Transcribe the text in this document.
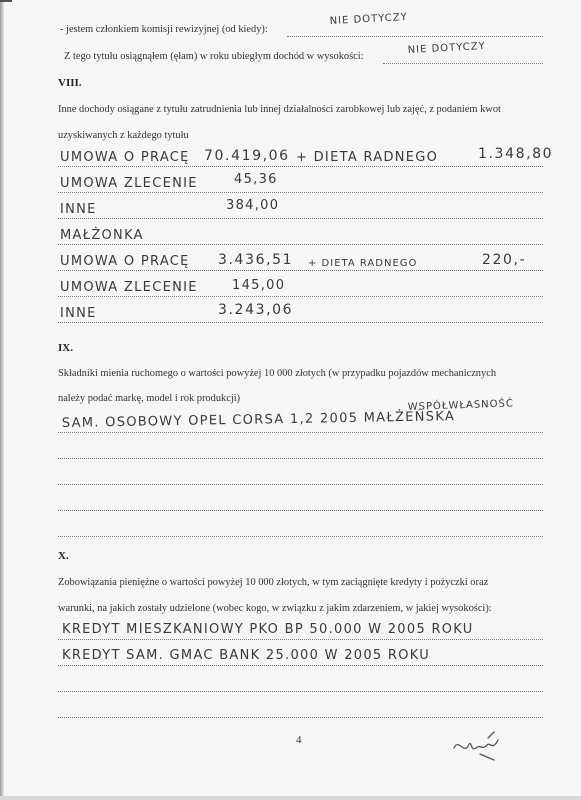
- jestem członkiem komisji rewizyjnej (od kiedy):
NIE DOTYCZY
Z tego tytułu osiągnąłem (ęłam) w roku ubiegłym dochód w wysokości:
NIE DOTYCZY
VIII.
Inne dochody osiągane z tytułu zatrudnienia lub innej działalności zarobkowej lub zajęć, z podaniem kwot
uzyskiwanych z każdego tytułu
UMOWA O PRACĘ 70.419,06 + DIETA RADNEGO	1.348,80
UMOWA ZLECENIE	45,36
INNE	384,00
MAŁŻONKA
UMOWA O PRACĘ 3.436,51 + DIETA RADNEGO	220,-
UMOWA ZLECENIE	145,00
INNE	3.243,06
IX.
Składniki mienia ruchomego o wartości powyżej 10 000 złotych (w przypadku pojazdów mechanicznych
należy podać markę, model i rok produkcji)	WSPÓŁWŁASNOŚĆ
SAM. OSOBOWY OPEL CORSA 1,2 2005 MAŁŻEŃSKA
X.
Zobowiązania pieniężne o wartości powyżej 10 000 złotych, w tym zaciągnięte kredyty i pożyczki oraz
warunki, na jakich zostały udzielone (wobec kogo, w związku z jakim zdarzeniem, w jakiej wysokości):
KREDYT MIESZKANIOWY PKO BP 50.000 W 2005 ROKU
KREDYT SAM. GMAC BANK 25.000 W 2005 ROKU
4
